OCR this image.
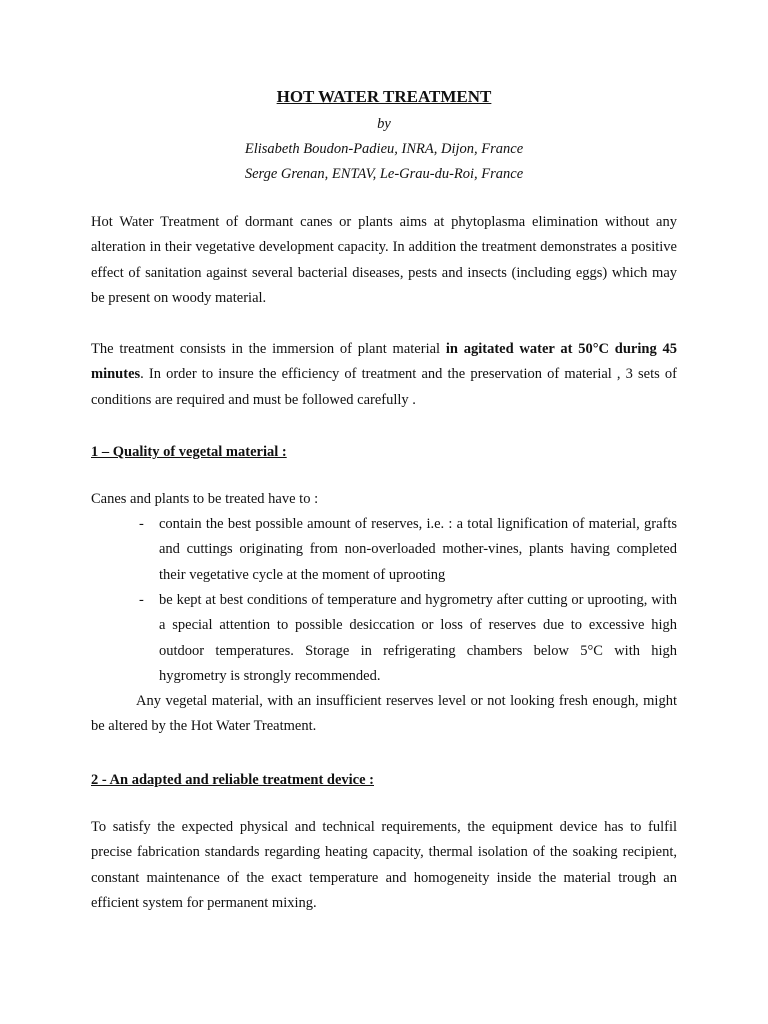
HOT WATER TREATMENT
by
Elisabeth Boudon-Padieu, INRA, Dijon, France
Serge Grenan, ENTAV, Le-Grau-du-Roi, France

Hot Water Treatment of dormant canes or plants aims at phytoplasma elimination without any alteration in their vegetative development capacity. In addition the treatment demonstrates a positive effect of sanitation against several bacterial diseases, pests and insects (including eggs) which may be present on woody material.

The treatment consists in the immersion of plant material in agitated water at 50°C during 45 minutes. In order to insure the efficiency of treatment and the preservation of material , 3 sets of conditions are required and must be followed carefully .

1 – Quality of vegetal material :

Canes and plants to be treated have to :

- contain the best possible amount of reserves, i.e. : a total lignification of material, grafts and cuttings originating from non-overloaded mother-vines, plants having completed their vegetative cycle at the moment of uprooting
- be kept at best conditions of temperature and hygrometry after cutting or uprooting, with a special attention to possible desiccation or loss of reserves due to excessive high outdoor temperatures. Storage in refrigerating chambers below 5°C with high hygrometry is strongly recommended.

Any vegetal material, with an insufficient reserves level or not looking fresh enough, might be altered by the Hot Water Treatment.

2 - An adapted and reliable treatment device :

To satisfy the expected physical and technical requirements, the equipment device has to fulfil precise fabrication standards regarding heating capacity, thermal isolation of the soaking recipient, constant maintenance of the exact temperature and homogeneity inside the material trough an efficient system for permanent mixing.
